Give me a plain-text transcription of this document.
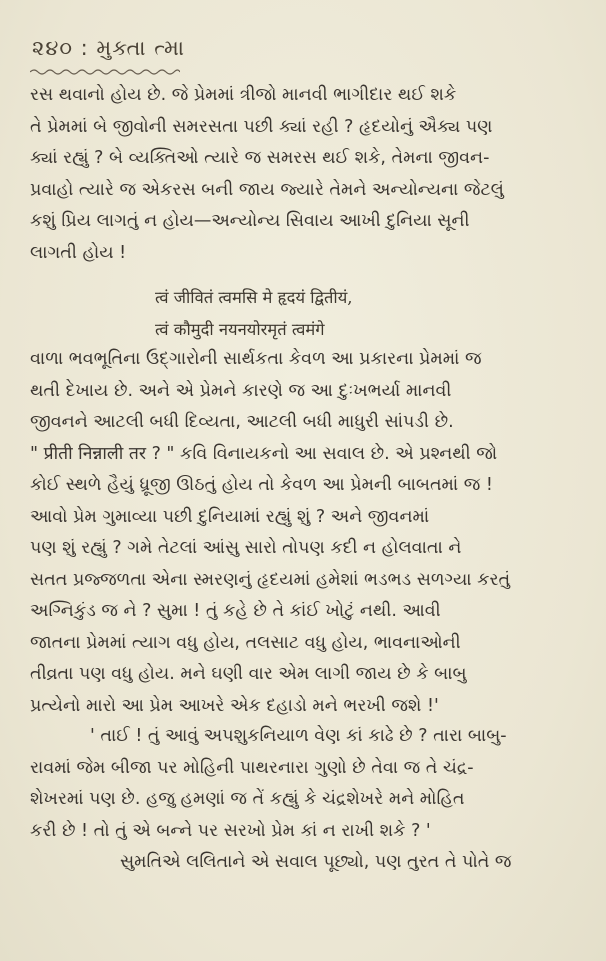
૨૪૦ : મુક્તા ત્મા
રસ થવાનો હોય છે. જે પ્રેમમાં ત્રીજો માનવી ભાગીદાર થઈ શકે
તે પ્રેમમાં બે જીવોની સમરસતા પછી ક્યાં રહી ? હૃદયોનું ઐક્ય પણ
ક્યાં રહ્યું ? બે વ્યક્તિઓ ત્યારે જ સમરસ થઈ શકે, તેમના જીવન-
પ્રવાહો ત્યારે જ એકરસ બની જાય જ્યારે તેમને અન્યોન્યના જેટલું
કશું પ્રિય લાગતું ન હોય—અન્યોન્ય સિવાય આખી દુનિયા સૂની
લાગતી હોય !
त्वं जीवितं त्वमसि मे हृदयं द्वितीयं,
त्वं कौमुदी नयनयोरमृतं त्वमंगे
વાળા ભવભૂતિના ઉદ્ગારોની સાર્થકતા કેવળ આ પ્રકારના પ્રેમમાં જ
થતી દેખાય છે. અને એ પ્રેમને કારણે જ આ દુઃખભર્યા માનવી
જીવનને આટલી બધી દિવ્યતા, આટલી બધી માધુરી સાંપડી છે.
" प्रीती निन्नाली तर ? " કવિ વિનાયકનો આ સવાલ છે. એ પ્રશ્નથી જો
કોઈ સ્થળે હૈયું ધ્રૂજી ઊઠતું હોય તો કેવળ આ પ્રેમની બાબતમાં જ !
આવો પ્રેમ ગુમાવ્યા પછી દુનિયામાં રહ્યું શું ? અને જીવનમાં
પણ શું રહ્યું ? ગમે તેટલાં આંસુ સારો તોપણ કદી ન હોલવાતા ને
સતત પ્રજ્જળતા એના સ્મરણનું હૃદયમાં હમેશાં ભડભડ સળગ્યા કરતું
અગ્નિકુંડ જ ને ? સુમા ! તું કહે છે તે કાંઈ ખોટું નથી. આવી
જાતના પ્રેમમાં ત્યાગ વધુ હોય, તલસાટ વધુ હોય, ભાવનાઓની
તીવ્રતા પણ વધુ હોય. મને ઘણી વાર એમ લાગી જાય છે કે બાબુ
પ્રત્યેનો મારો આ પ્રેમ આખરે એક દહાડો મને ભરખી જશે !'
' તાઈ ! તું આવું અપશુકનિયાળ વેણ કાં કાઢે છે ? તારા બાબુ-
રાવમાં જેમ બીજા પર મોહિની પાથરનારા ગુણો છે તેવા જ તે ચંદ્ર-
શેખરમાં પણ છે. હજુ હમણાં જ તેં કહ્યું કે ચંદ્રશેખરે મને મોહિત
કરી છે ! તો તું એ બન્ને પર સરખો પ્રેમ કાં ન રાખી શકે ? '
સુમતિએ લલિતાને એ સવાલ પૂછ્યો, પણ તુરત તે પોતે જ
